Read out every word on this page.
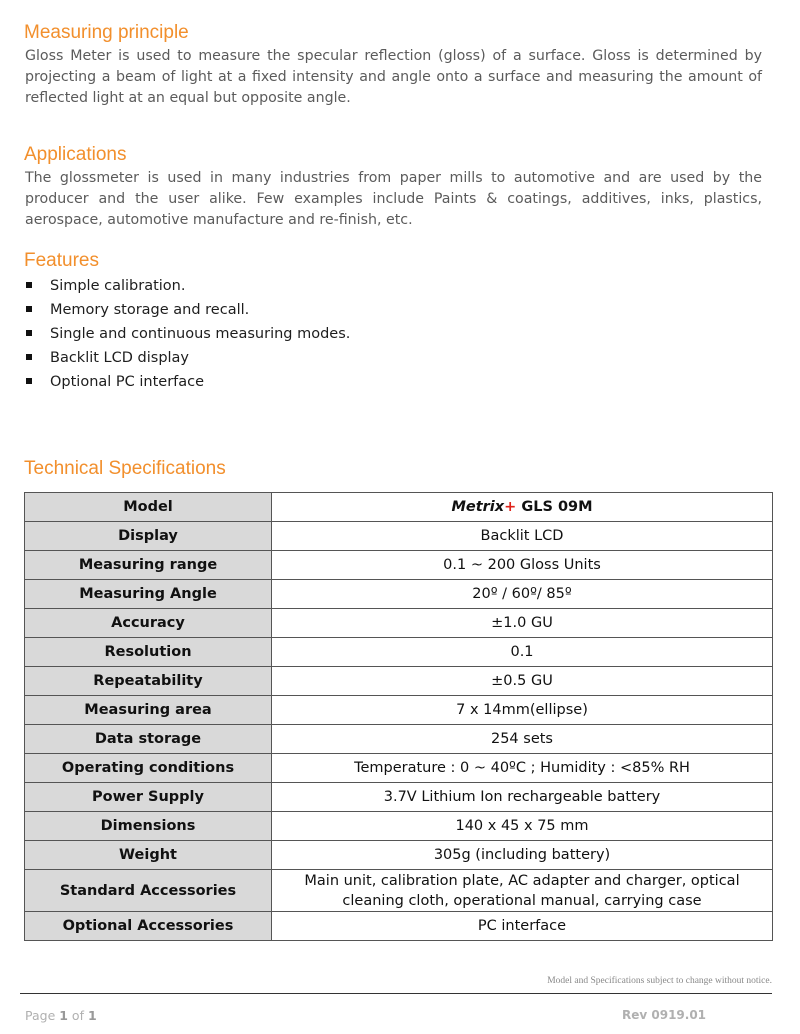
Measuring principle

Gloss Meter is used to measure the specular reflection (gloss) of a surface. Gloss is determined by projecting a beam of light at a fixed intensity and angle onto a surface and measuring the amount of reflected light at an equal but opposite angle.

Applications

The glossmeter is used in many industries from paper mills to automotive and are used by the producer and the user alike. Few examples include Paints & coatings, additives, inks, plastics, aerospace, automotive manufacture and re-finish, etc.

Features
Simple calibration.
Memory storage and recall.
Single and continuous measuring modes.
Backlit LCD display
Optional PC interface
Technical Specifications
Model	Metrix+ GLS 09M
Display	Backlit LCD
Measuring range	0.1 ~ 200 Gloss Units
Measuring Angle	20º / 60º/ 85º
Accuracy	±1.0 GU
Resolution	0.1
Repeatability	±0.5 GU
Measuring area	7 x 14mm(ellipse)
Data storage	254 sets
Operating conditions	Temperature : 0 ~ 40ºC ; Humidity : <85% RH
Power Supply	3.7V Lithium Ion rechargeable battery
Dimensions	140 x 45 x 75 mm
Weight	305g (including battery)
Standard Accessories	Main unit, calibration plate, AC adapter and charger, optical cleaning cloth, operational manual, carrying case
Optional Accessories	PC interface
Model and Specifications subject to change without notice.
Page 1 of 1	Rev 0919.01
